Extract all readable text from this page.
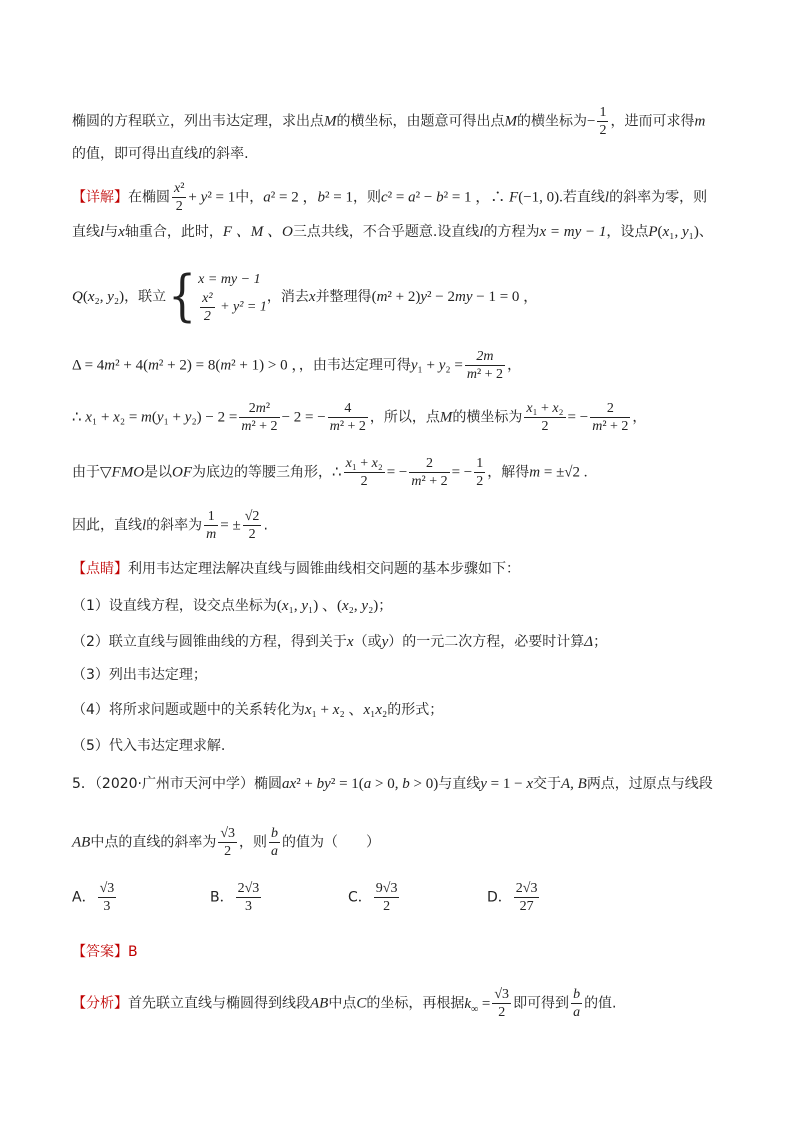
椭圆的方程联立，列出韦达定理，求出点M的横坐标，由题意可得出点M的横坐标为− $\frac{1}{2}$ ，进而可求得m
的值，即可得出直线l的斜率.
【详解】在椭圆 $\frac{\text{x²}}{2} + y^2 = 1$中，a² = 2 ，b² = 1，则c² = a² − b² = 1 ，∴ F(−1, 0).若直线l的斜率为零，则
直线l与x轴重合，此时，F 、M 、O三点共线，不合乎题意.设直线l的方程为x = my − 1，设点P(x₁, y₁)、
Q(x₂, y₂)，联立{ x = my − 1
$\frac{\text{x²}}{2} + y^2 = 1$
，消去x并整理得(m² + 2)y² − 2my − 1 = 0 ，
Δ = 4m² + 4(m² + 2) = 8(m² + 1) > 0 ，，由韦达定理可得$y_1 + y_2 = \frac{2m}{\text{m² + 2}}$ ，
∴ $x_1 + x_2 = m(y_1 + y_2) - 2 = \frac{\text{2m²}}{\text{m² + 2}} - 2$ = − $\frac{4}{\text{m² + 2}}$ ，所以，点M的横坐标为 $\frac{\text{x₁ + x₂}}{2}$ = − $\frac{2}{\text{m² + 2}}$ ，
由于▽FMO是以OF为底边的等腰三角形，∴ $\frac{\text{x₁ + x₂}}{2}$ = − $\frac{2}{\text{m² + 2}}$ = − $\frac{1}{2}$ ，解得m = ±√2 .
因此，直线l的斜率为 $\frac{1}{m}$ = ± $\frac{√2}{2}$ .
【点睛】利用韦达定理法解决直线与圆锥曲线相交问题的基本步骤如下：
（1）设直线方程，设交点坐标为(x₁, y₁) 、(x₂, y₂)；
（2）联立直线与圆锥曲线的方程，得到关于x（或y）的一元二次方程，必要时计算Δ；
（3）列出韦达定理；
（4）将所求问题或题中的关系转化为x₁ + x₂ 、x₁x₂的形式；
（5）代入韦达定理求解.
5．（2020·广州市天河中学）椭圆ax² + by² = 1(a > 0, b > 0)与直线y = 1 − x交于A, B两点，过原点与线段
AB中点的直线的斜率为 $\frac{√3}{2}$ ，则 $\frac{b}{a}$ 的值为（　　）
A． $\frac{√3}{3}$	B． $\frac{2√3}{3}$	C． $\frac{9√3}{2}$	D． $\frac{2√3}{27}$
【答案】B
【分析】首先联立直线与椭圆得到线段AB中点C的坐标，再根据$k_\infty = \frac{√3}{2}$ 即可得到 $\frac{b}{a}$ 的值.
